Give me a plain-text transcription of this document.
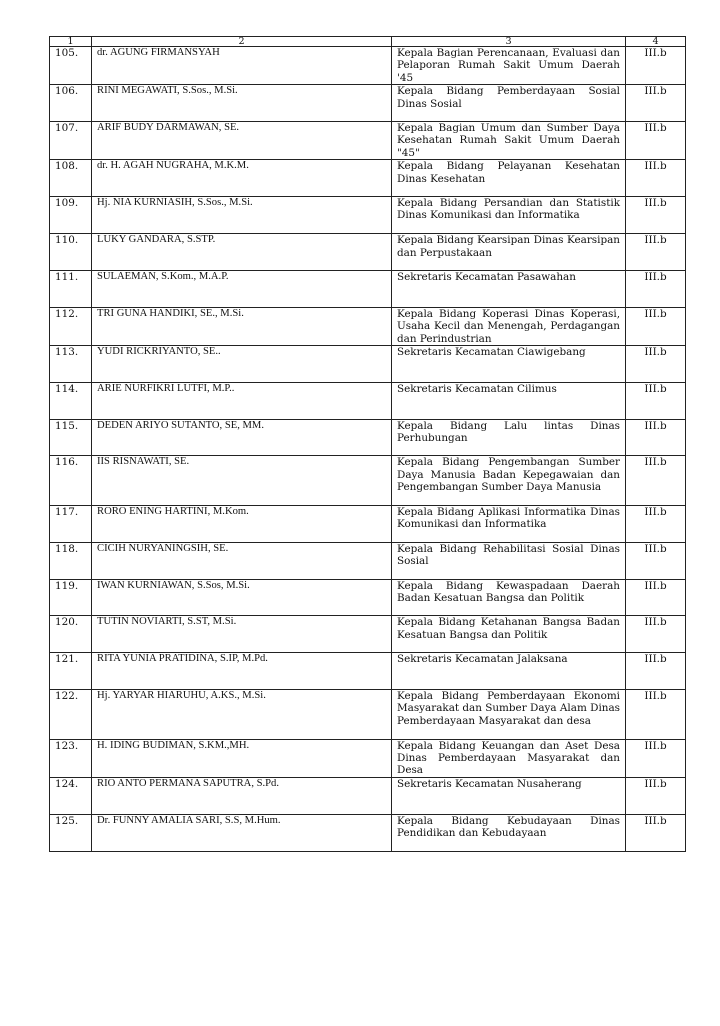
1	2	3	4
105.	dr. AGUNG FIRMANSYAH	Kepala Bagian Perencanaan, Evaluasi dan Pelaporan Rumah Sakit Umum Daerah '45	III.b
106.	RINI MEGAWATI, S.Sos., M.Si.	Kepala Bidang Pemberdayaan Sosial Dinas Sosial	III.b
107.	ARIF BUDY DARMAWAN, SE.	Kepala Bagian Umum dan Sumber Daya Kesehatan Rumah Sakit Umum Daerah "45"	III.b
108.	dr. H. AGAH NUGRAHA, M.K.M.	Kepala Bidang Pelayanan Kesehatan Dinas Kesehatan	III.b
109.	Hj. NIA KURNIASIH, S.Sos., M.Si.	Kepala Bidang Persandian dan Statistik Dinas Komunikasi dan Informatika	III.b
110.	LUKY GANDARA, S.STP.	Kepala Bidang Kearsipan Dinas Kearsipan dan Perpustakaan	III.b
111.	SULAEMAN, S.Kom., M.A.P.	Sekretaris Kecamatan Pasawahan	III.b
112.	TRI GUNA HANDIKI, SE., M.Si.	Kepala Bidang Koperasi Dinas Koperasi, Usaha Kecil dan Menengah, Perdagangan dan Perindustrian	III.b
113.	YUDI RICKRIYANTO, SE..	Sekretaris Kecamatan Ciawigebang	III.b
114.	ARIE NURFIKRI LUTFI, M.P..	Sekretaris Kecamatan Cilimus	III.b
115.	DEDEN ARIYO SUTANTO, SE, MM.	Kepala Bidang Lalu lintas Dinas Perhubungan	III.b
116.	IIS RISNAWATI, SE.	Kepala Bidang Pengembangan Sumber Daya Manusia Badan Kepegawaian dan Pengembangan Sumber Daya Manusia	III.b
117.	RORO ENING HARTINI, M.Kom.	Kepala Bidang Aplikasi Informatika Dinas Komunikasi dan Informatika	III.b
118.	CICIH NURYANINGSIH, SE.	Kepala Bidang Rehabilitasi Sosial Dinas Sosial	III.b
119.	IWAN KURNIAWAN, S.Sos, M.Si.	Kepala Bidang Kewaspadaan Daerah Badan Kesatuan Bangsa dan Politik	III.b
120.	TUTIN NOVIARTI, S.ST, M.Si.	Kepala Bidang Ketahanan Bangsa Badan Kesatuan Bangsa dan Politik	III.b
121.	RITA YUNIA PRATIDINA, S.IP, M.Pd.	Sekretaris Kecamatan Jalaksana	III.b
122.	Hj. YARYAR HIARUHU, A.KS., M.Si.	Kepala Bidang Pemberdayaan Ekonomi Masyarakat dan Sumber Daya Alam Dinas Pemberdayaan Masyarakat dan desa	III.b
123.	H. IDING BUDIMAN, S.KM.,MH.	Kepala Bidang Keuangan dan Aset Desa Dinas Pemberdayaan Masyarakat dan Desa	III.b
124.	RIO ANTO PERMANA SAPUTRA, S.Pd.	Sekretaris Kecamatan Nusaherang	III.b
125.	Dr. FUNNY AMALIA SARI, S.S, M.Hum.	Kepala Bidang Kebudayaan Dinas Pendidikan dan Kebudayaan	III.b
